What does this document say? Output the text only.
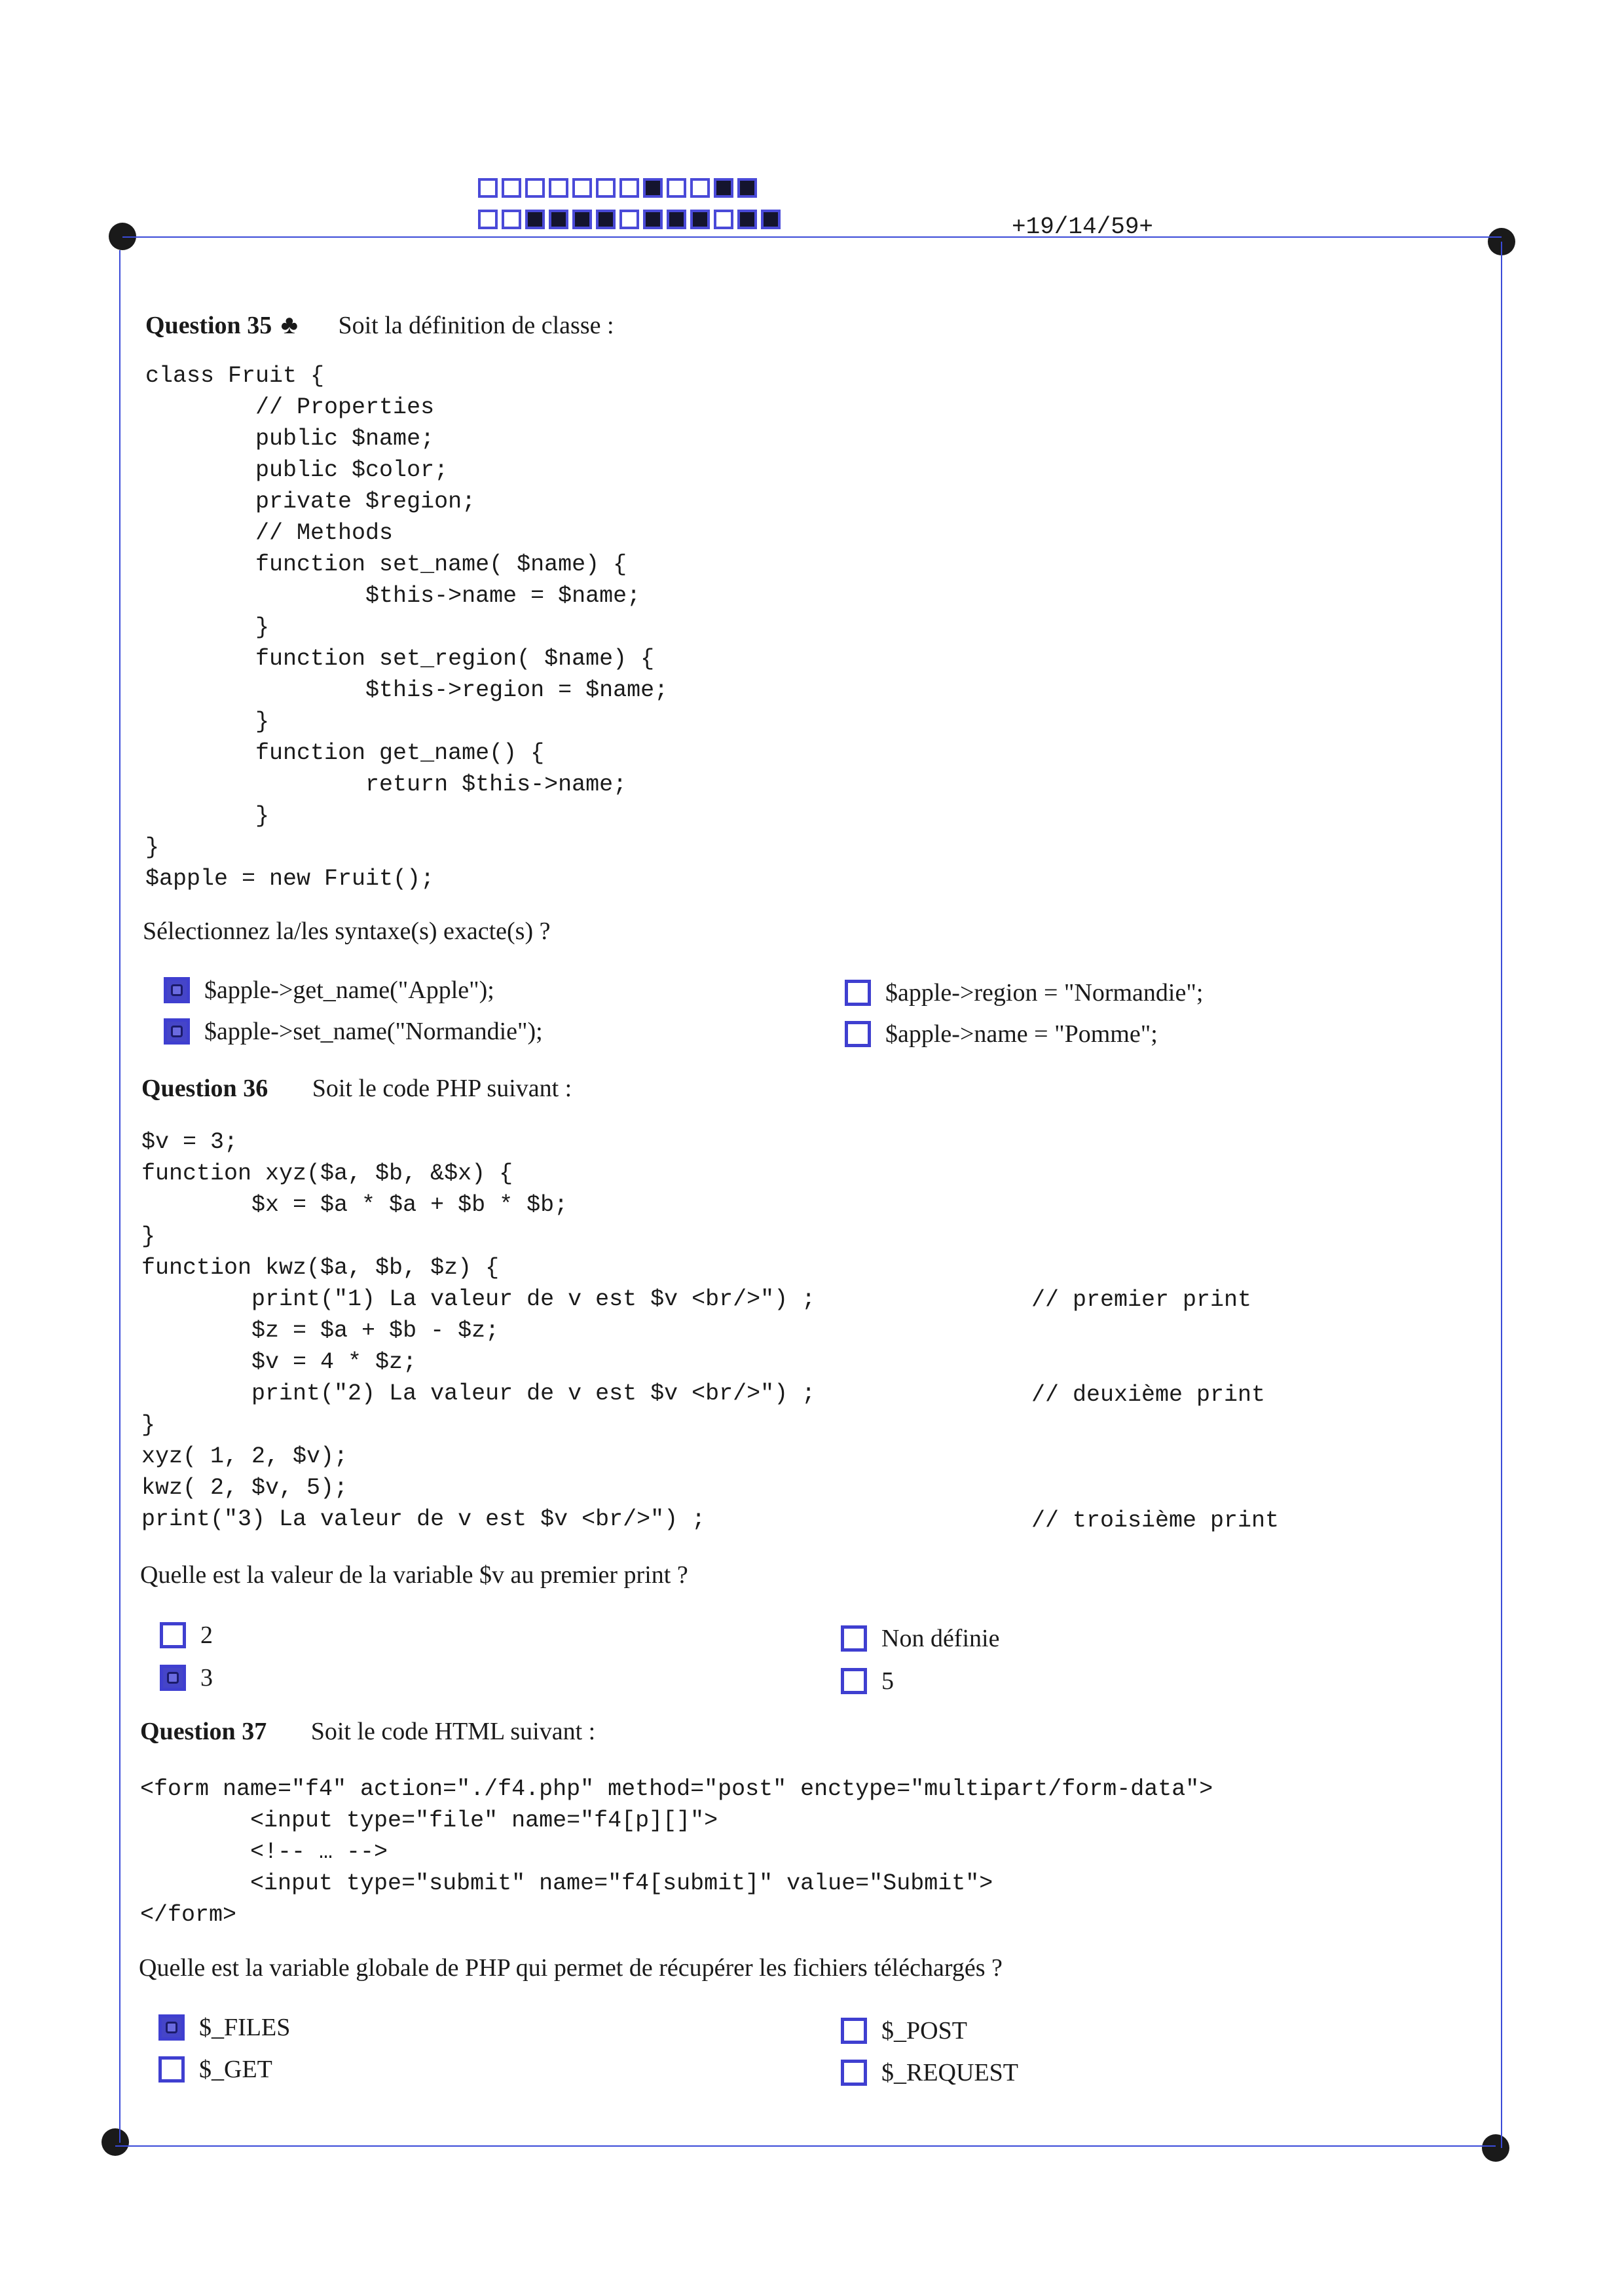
+19/14/59+
Question 35 ♣ Soit la définition de classe :
class Fruit {
// Properties
public $name;
public $color;
private $region;
// Methods
function set_name( $name) {
$this->name = $name;
}
function set_region( $name) {
$this->region = $name;
}
function get_name() {
return $this->name;
}
}
$apple = new Fruit();
Sélectionnez la/les syntaxe(s) exacte(s) ?
$apple->get_name("Apple");
$apple->set_name("Normandie");
$apple->region = "Normandie";
$apple->name = "Pomme";
Question 36 Soit le code PHP suivant :
$v = 3;
function xyz($a, $b, &$x) {
$x = $a * $a + $b * $b;
}
function kwz($a, $b, $z) {
print("1) La valeur de v est $v <br/>") ;
$z = $a + $b - $z;
$v = 4 * $z;
print("2) La valeur de v est $v <br/>") ;
}
xyz( 1, 2, $v);
kwz( 2, $v, 5);
print("3) La valeur de v est $v <br/>") ;
// premier print
// deuxième print
// troisième print
Quelle est la valeur de la variable $v au premier print ?
2
3
Non définie
5
Question 37 Soit le code HTML suivant :
<form name="f4" action="./f4.php" method="post" enctype="multipart/form-data">
<input type="file" name="f4[p][]">
<!-- … -->
<input type="submit" name="f4[submit]" value="Submit">
</form>
Quelle est la variable globale de PHP qui permet de récupérer les fichiers téléchargés ?
$_FILES
$_GET
$_POST
$_REQUEST
